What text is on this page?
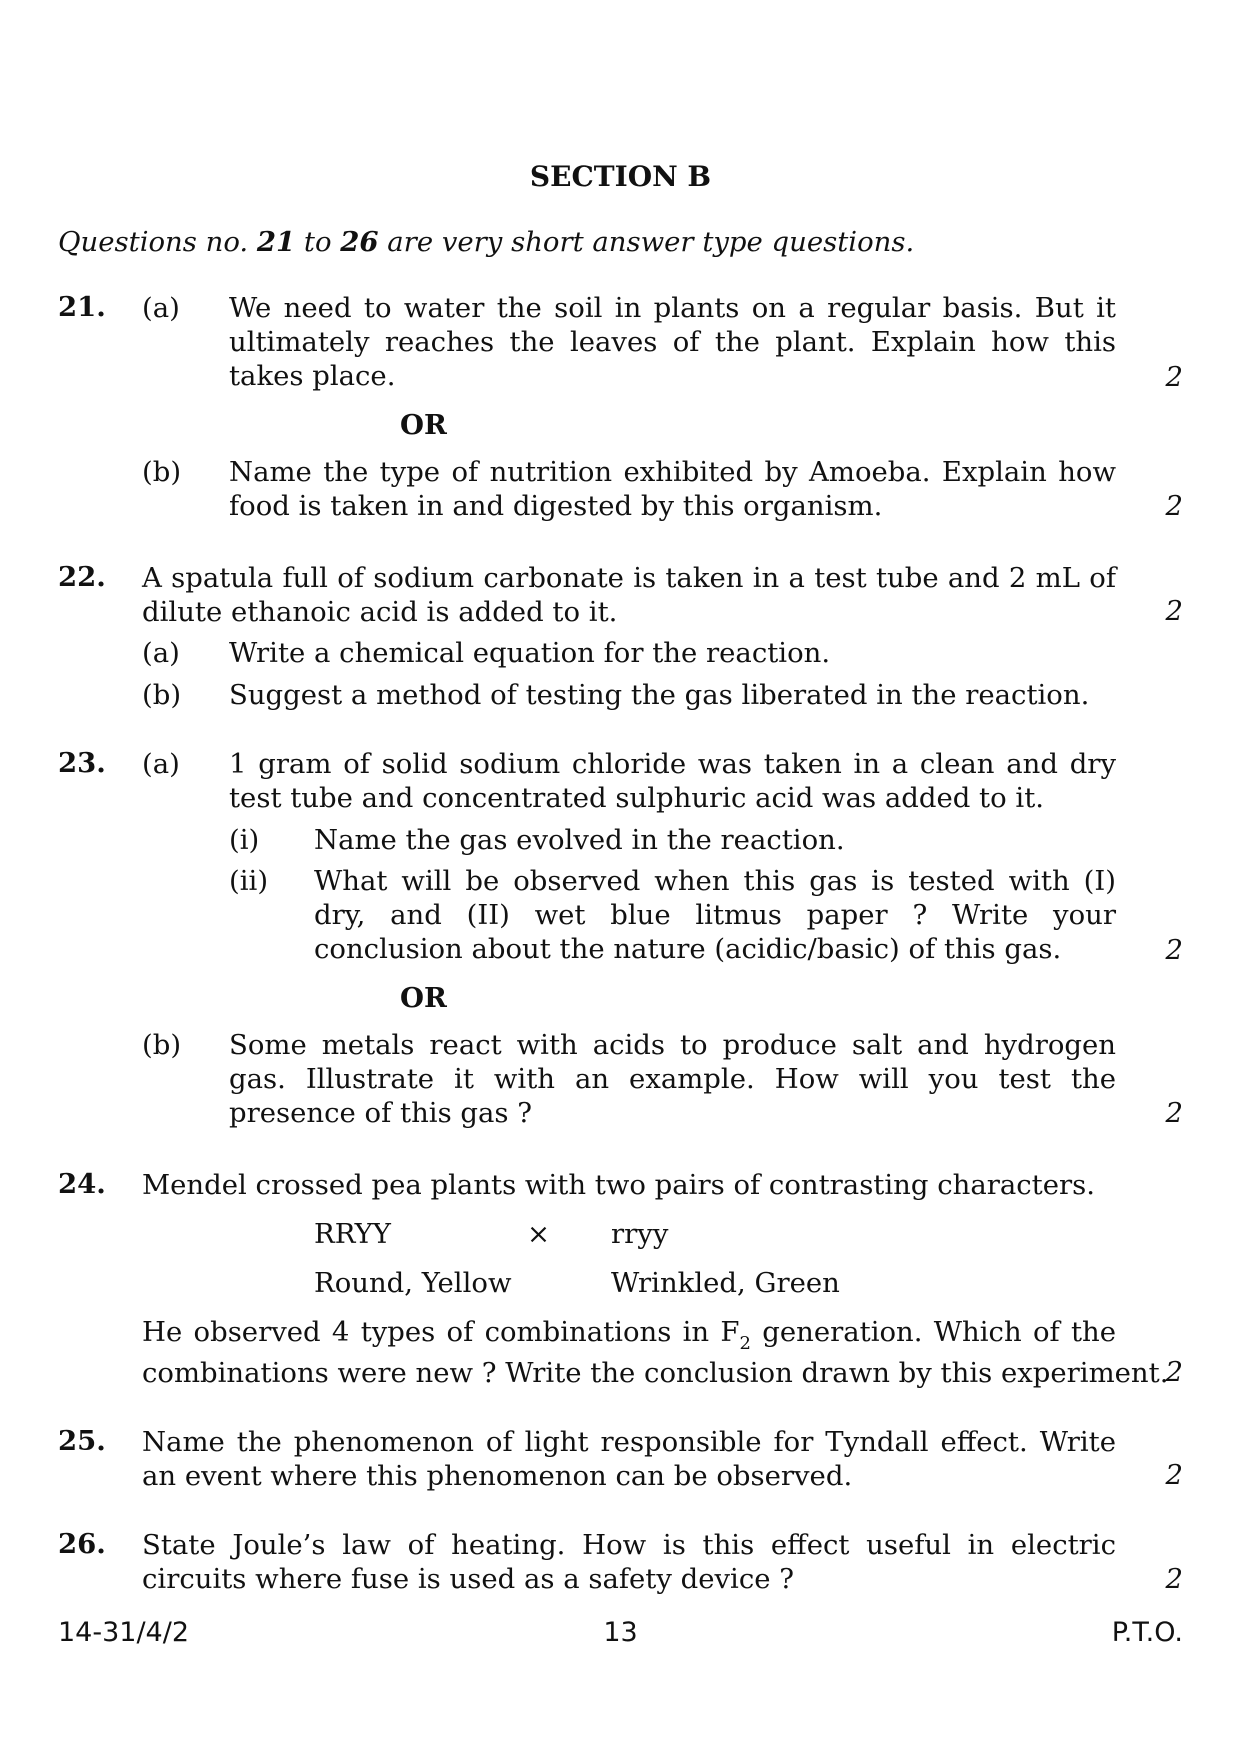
SECTION B
Questions no. 21 to 26 are very short answer type questions.
21. (a) We need to water the soil in plants on a regular basis. But it ultimately reaches the leaves of the plant. Explain how this takes place.	2
OR
(b) Name the type of nutrition exhibited by Amoeba. Explain how food is taken in and digested by this organism.	2
22. A spatula full of sodium carbonate is taken in a test tube and 2 mL of dilute ethanoic acid is added to it.	2
(a) Write a chemical equation for the reaction.
(b) Suggest a method of testing the gas liberated in the reaction.
23. (a) 1 gram of solid sodium chloride was taken in a clean and dry test tube and concentrated sulphuric acid was added to it.
(i) Name the gas evolved in the reaction.
(ii) What will be observed when this gas is tested with (I) dry, and (II) wet blue litmus paper ? Write your conclusion about the nature (acidic/basic) of this gas.	2
OR
(b) Some metals react with acids to produce salt and hydrogen gas. Illustrate it with an example. How will you test the presence of this gas ?	2
24. Mendel crossed pea plants with two pairs of contrasting characters.
RRYY	× rryy
Round, Yellow	Wrinkled, Green
He observed 4 types of combinations in $F_2$ generation. Which of the
combinations were new ? Write the conclusion drawn by this experiment.
2
25. Name the phenomenon of light responsible for Tyndall effect. Write an event where this phenomenon can be observed.	2
26. State Joule’s law of heating. How is this effect useful in electric circuits where fuse is used as a safety device ?	2
14-31/4/2	13	P.T.O.
